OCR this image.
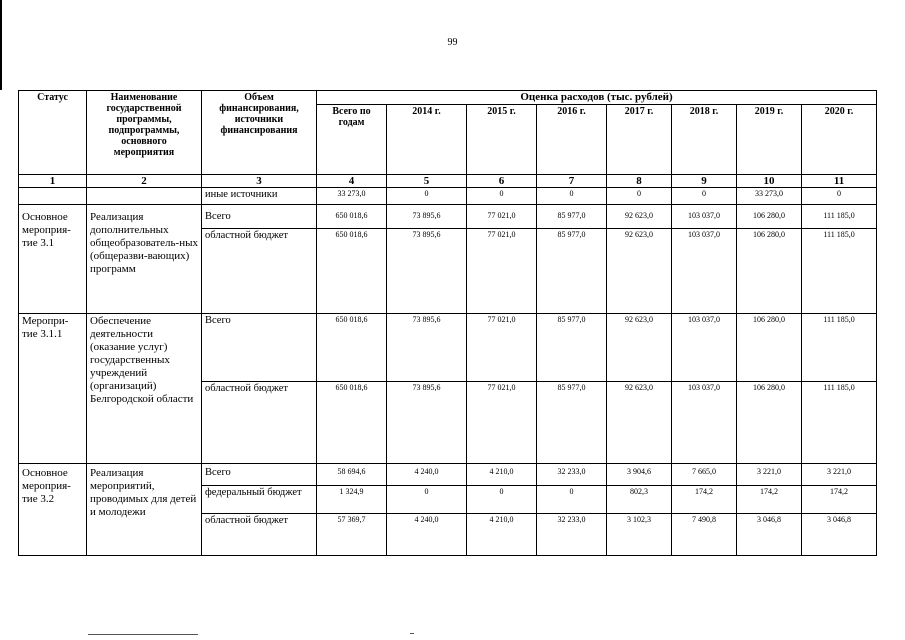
99
Статус	Наименование государственной программы, подпрограммы, основного мероприятия	Объем финансирования, источники финансирования	Оценка расходов (тыс. рублей)							
			Всего по годам	2014 г.	2015 г.	2016 г.	2017 г.	2018 г.	2019 г.	2020 г.
1	2	3	4	5	6	7	8	9	10	11
		иные источники	33 273,0	0	0	0	0	0	33 273,0	0
Основное мероприя-тие 3.1	Реализация дополнительных общеобразователь-ных (общеразви-вающих) программ	Всего	650 018,6	73 895,6	77 021,0	85 977,0	92 623,0	103 037,0	106 280,0	111 185,0
		областной бюджет	650 018,6	73 895,6	77 021,0	85 977,0	92 623,0	103 037,0	106 280,0	111 185,0
Меропри-тие 3.1.1	Обеспечение деятельности (оказание услуг) государственных учреждений (организаций) Белгородской области	Всего	650 018,6	73 895,6	77 021,0	85 977,0	92 623,0	103 037,0	106 280,0	111 185,0
		областной бюджет	650 018,6	73 895,6	77 021,0	85 977,0	92 623,0	103 037,0	106 280,0	111 185,0
Основное мероприя-тие 3.2	Реализация мероприятий, проводимых для детей и молодежи	Всего	58 694,6	4 240,0	4 210,0	32 233,0	3 904,6	7 665,0	3 221,0	3 221,0
		федеральный бюджет	1 324,9	0	0	0	802,3	174,2	174,2	174,2
		областной бюджет	57 369,7	4 240,0	4 210,0	32 233,0	3 102,3	7 490,8	3 046,8	3 046,8
